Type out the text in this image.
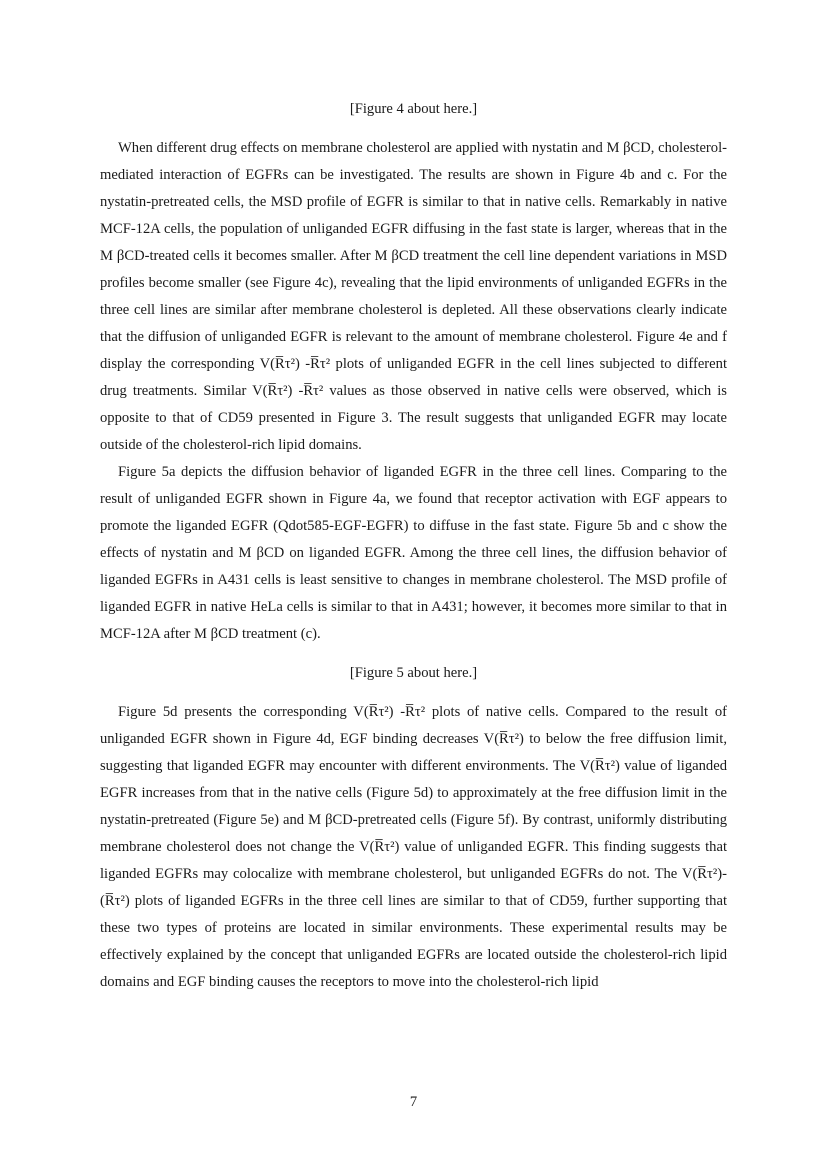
[Figure 4 about here.]

When different drug effects on membrane cholesterol are applied with nystatin and M βCD, cholesterol-mediated interaction of EGFRs can be investigated. The results are shown in Figure 4b and c. For the nystatin-pretreated cells, the MSD profile of EGFR is similar to that in native cells. Remarkably in native MCF-12A cells, the population of unliganded EGFR diffusing in the fast state is larger, whereas that in the M βCD-treated cells it becomes smaller. After M βCD treatment the cell line dependent variations in MSD profiles become smaller (see Figure 4c), revealing that the lipid environments of unliganded EGFRs in the three cell lines are similar after membrane cholesterol is depleted. All these observations clearly indicate that the diffusion of unliganded EGFR is relevant to the amount of membrane cholesterol. Figure 4e and f display the corresponding V(R̅τ²) -R̅τ² plots of unliganded EGFR in the cell lines subjected to different drug treatments. Similar V(R̅τ²) -R̅τ² values as those observed in native cells were observed, which is opposite to that of CD59 presented in Figure 3. The result suggests that unliganded EGFR may locate outside of the cholesterol-rich lipid domains.

Figure 5a depicts the diffusion behavior of liganded EGFR in the three cell lines. Comparing to the result of unliganded EGFR shown in Figure 4a, we found that receptor activation with EGF appears to promote the liganded EGFR (Qdot585-EGF-EGFR) to diffuse in the fast state. Figure 5b and c show the effects of nystatin and M βCD on liganded EGFR. Among the three cell lines, the diffusion behavior of liganded EGFRs in A431 cells is least sensitive to changes in membrane cholesterol. The MSD profile of liganded EGFR in native HeLa cells is similar to that in A431; however, it becomes more similar to that in MCF-12A after M βCD treatment (c).

[Figure 5 about here.]

Figure 5d presents the corresponding V(R̅τ²) -R̅τ² plots of native cells. Compared to the result of unliganded EGFR shown in Figure 4d, EGF binding decreases V(R̅τ²) to below the free diffusion limit, suggesting that liganded EGFR may encounter with different environments. The V(R̅τ²) value of liganded EGFR increases from that in the native cells (Figure 5d) to approximately at the free diffusion limit in the nystatin-pretreated (Figure 5e) and M βCD-pretreated cells (Figure 5f). By contrast, uniformly distributing membrane cholesterol does not change the V(R̅τ²) value of unliganded EGFR. This finding suggests that liganded EGFRs may colocalize with membrane cholesterol, but unliganded EGFRs do not. The V(R̅τ²)- (R̅τ²) plots of liganded EGFRs in the three cell lines are similar to that of CD59, further supporting that these two types of proteins are located in similar environments. These experimental results may be effectively explained by the concept that unliganded EGFRs are located outside the cholesterol-rich lipid domains and EGF binding causes the receptors to move into the cholesterol-rich lipid

7
